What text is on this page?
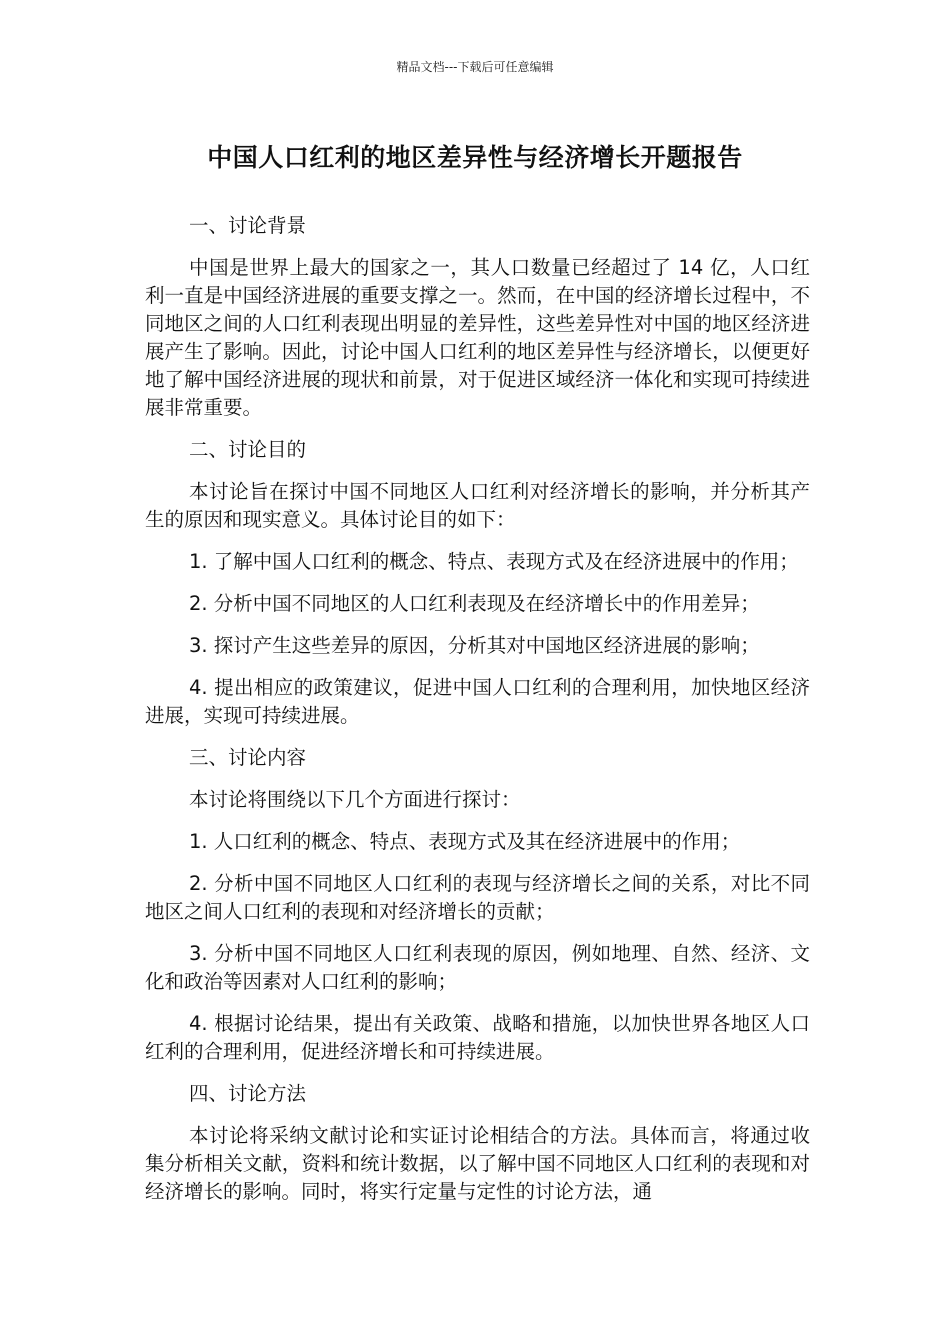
精品文档---下载后可任意编辑
中国人口红利的地区差异性与经济增长开题报告
一、讨论背景
中国是世界上最大的国家之一，其人口数量已经超过了 14 亿，人口红利一直是中国经济进展的重要支撑之一。然而，在中国的经济增长过程中，不同地区之间的人口红利表现出明显的差异性，这些差异性对中国的地区经济进展产生了影响。因此，讨论中国人口红利的地区差异性与经济增长，以便更好地了解中国经济进展的现状和前景，对于促进区域经济一体化和实现可持续进展非常重要。
二、讨论目的
本讨论旨在探讨中国不同地区人口红利对经济增长的影响，并分析其产生的原因和现实意义。具体讨论目的如下：
1. 了解中国人口红利的概念、特点、表现方式及在经济进展中的作用；
2. 分析中国不同地区的人口红利表现及在经济增长中的作用差异；
3. 探讨产生这些差异的原因，分析其对中国地区经济进展的影响；
4. 提出相应的政策建议，促进中国人口红利的合理利用，加快地区经济进展，实现可持续进展。
三、讨论内容
本讨论将围绕以下几个方面进行探讨：
1. 人口红利的概念、特点、表现方式及其在经济进展中的作用；
2. 分析中国不同地区人口红利的表现与经济增长之间的关系，对比不同地区之间人口红利的表现和对经济增长的贡献；
3. 分析中国不同地区人口红利表现的原因，例如地理、自然、经济、文化和政治等因素对人口红利的影响；
4. 根据讨论结果，提出有关政策、战略和措施，以加快世界各地区人口红利的合理利用，促进经济增长和可持续进展。
四、讨论方法
本讨论将采纳文献讨论和实证讨论相结合的方法。具体而言，将通过收集分析相关文献，资料和统计数据，以了解中国不同地区人口红利的表现和对经济增长的影响。同时，将实行定量与定性的讨论方法，通
